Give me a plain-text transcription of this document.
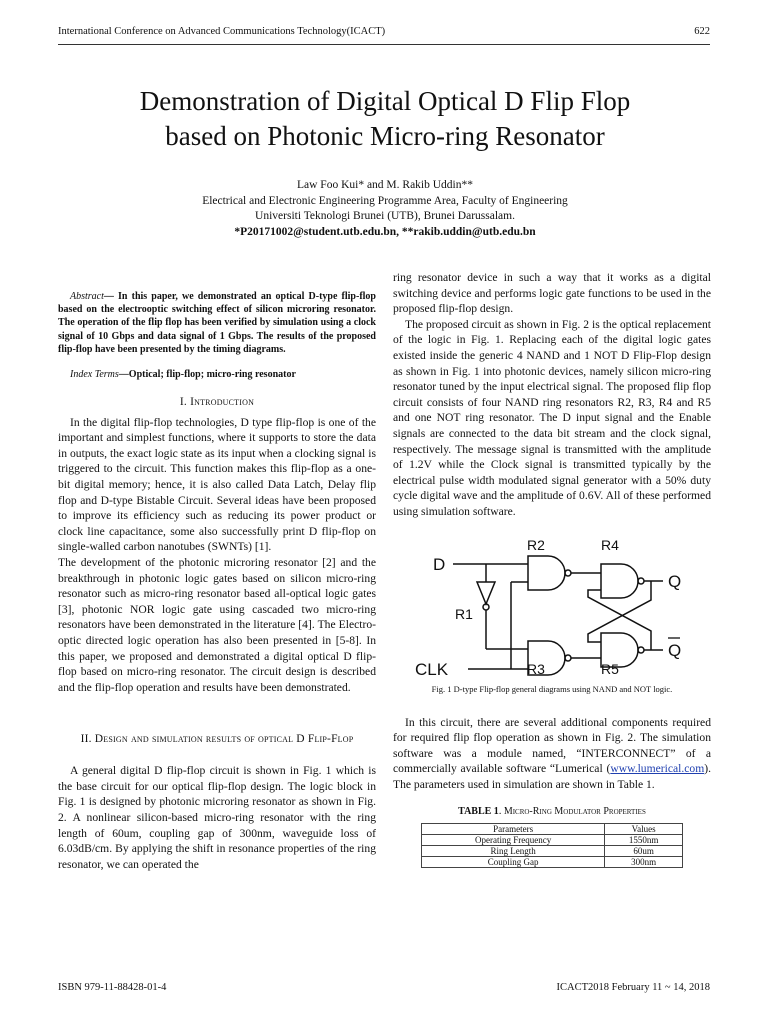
International Conference on Advanced Communications Technology(ICACT)	622
Demonstration of Digital Optical D Flip Flop
based on Photonic Micro-ring Resonator
Law Foo Kui* and M. Rakib Uddin**
Electrical and Electronic Engineering Programme Area, Faculty of Engineering
Universiti Teknologi Brunei (UTB), Brunei Darussalam.
*P20171002@student.utb.edu.bn, **rakib.uddin@utb.edu.bn

Abstract— In this paper, we demonstrated an optical D-type flip-flop based on the electrooptic switching effect of silicon microring resonator. The operation of the flip flop has been verified by simulation using a clock signal of 10 Gbps and data signal of 1 Gbps. The results of the proposed flip-flop have been presented by the timing diagrams.

Index Terms—Optical; flip-flop; micro-ring resonator

I. Introduction

In the digital flip-flop technologies, D type flip-flop is one of the important and simplest functions, where it supports to store the data in outputs, the exact logic state as its input when a clocking signal is triggered to the circuit. This function makes this flip-flop as a one-bit digital memory; hence, it is also called Data Latch, Delay flip flop and D-type Bistable Circuit. Several ideas have been proposed to improve its efficiency such as reducing its power product or clock line capacitance, some also successfully print D flip-flop on single-walled carbon nanotubes (SWNTs) [1].

The development of the photonic microring resonator [2] and the breakthrough in photonic logic gates based on silicon micro-ring resonator such as micro-ring resonator based all-optical logic gates [3], photonic NOR logic gate using cascaded two micro-ring resonators have been demonstrated in the literature [4]. The Electro-optic directed logic operation has also been presented in [5-8]. In this paper, we proposed and demonstrated a digital optical D flip-flop based on micro-ring resonator. The circuit design is described and the flip-flop operation and results have been demonstrated.

II. Design and simulation results of optical D Flip-Flop

A general digital D flip-flop circuit is shown in Fig. 1 which is the base circuit for our optical flip-flop design. The logic block in Fig. 1 is designed by photonic microring resonator as shown in Fig. 2. A nonlinear silicon-based micro-ring resonator with the ring length of 60um, coupling gap of 300nm, waveguide loss of 6.03dB/cm. By applying the shift in resonance properties of the ring resonator, we can operated the

ring resonator device in such a way that it works as a digital switching device and performs logic gate functions to be used in the proposed flip-flop design.

The proposed circuit as shown in Fig. 2 is the optical replacement of the logic in Fig. 1. Replacing each of the digital logic gates existed inside the generic 4 NAND and 1 NOT D Flip-Flop design as shown in Fig. 1 into photonic devices, namely silicon micro-ring resonator tuned by the input electrical signal. The proposed flip flop circuit consists of four NAND ring resonators R2, R3, R4 and R5 and one NOT ring resonator. The D input signal and the Enable signals are connected to the data bit stream and the clock signal, respectively. The message signal is transmitted with the amplitude of 1.2V while the Clock signal is transmitted typically by the electrical pulse width modulated signal generator with a 50% duty cycle digital wave and the amplitude of 0.6V. All of these performed using simulation software.

D
CLK
R1
R2
R3
R4
R5
Q
Q

Fig. 1 D-type Flip-flop general diagrams using NAND and NOT logic.

In this circuit, there are several additional components required for required flip flop operation as shown in Fig. 2. The simulation software was a module named, “INTERCONNECT” of a commercially available software “Lumerical (www.lumerical.com). The parameters used in simulation are shown in Table 1.

TABLE 1. Micro-Ring Modulator Properties

Parameters	Values
Operating Frequency	1550nm
Ring Length	60um
Coupling Gap	300nm
ISBN 979-11-88428-01-4	ICACT2018 February 11 ~ 14, 2018
